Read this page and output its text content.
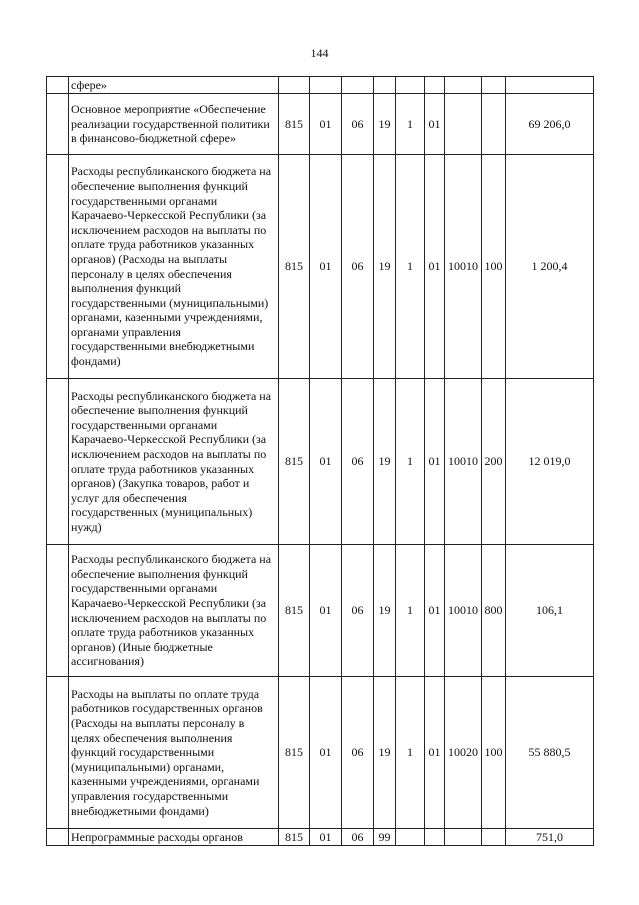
144
	сфере»									
	Основное мероприятие «Обеспечение реализации государственной политики в финансово-бюджетной сфере»	815	01	06	19	1	01			69 206,0
	Расходы республиканского бюджета на обеспечение выполнения функций государственными органами Карачаево-Черкесской Республики (за исключением расходов на выплаты по оплате труда работников указанных органов) (Расходы на выплаты персоналу в целях обеспечения выполнения функций государственными (муниципальными) органами, казенными учреждениями, органами управления государственными внебюджетными фондами)	815	01	06	19	1	01	10010	100	1 200,4
	Расходы республиканского бюджета на обеспечение выполнения функций государственными органами Карачаево-Черкесской Республики (за исключением расходов на выплаты по оплате труда работников указанных органов) (Закупка товаров, работ и услуг для обеспечения государственных (муниципальных) нужд)	815	01	06	19	1	01	10010	200	12 019,0
	Расходы республиканского бюджета на обеспечение выполнения функций государственными органами Карачаево-Черкесской Республики (за исключением расходов на выплаты по оплате труда работников указанных органов) (Иные бюджетные ассигнования)	815	01	06	19	1	01	10010	800	106,1
	Расходы на выплаты по оплате труда работников государственных органов (Расходы на выплаты персоналу в целях обеспечения выполнения функций государственными (муниципальными) органами, казенными учреждениями, органами управления государственными внебюджетными фондами)	815	01	06	19	1	01	10020	100	55 880,5
	Непрограммные расходы органов	815	01	06	99					751,0
